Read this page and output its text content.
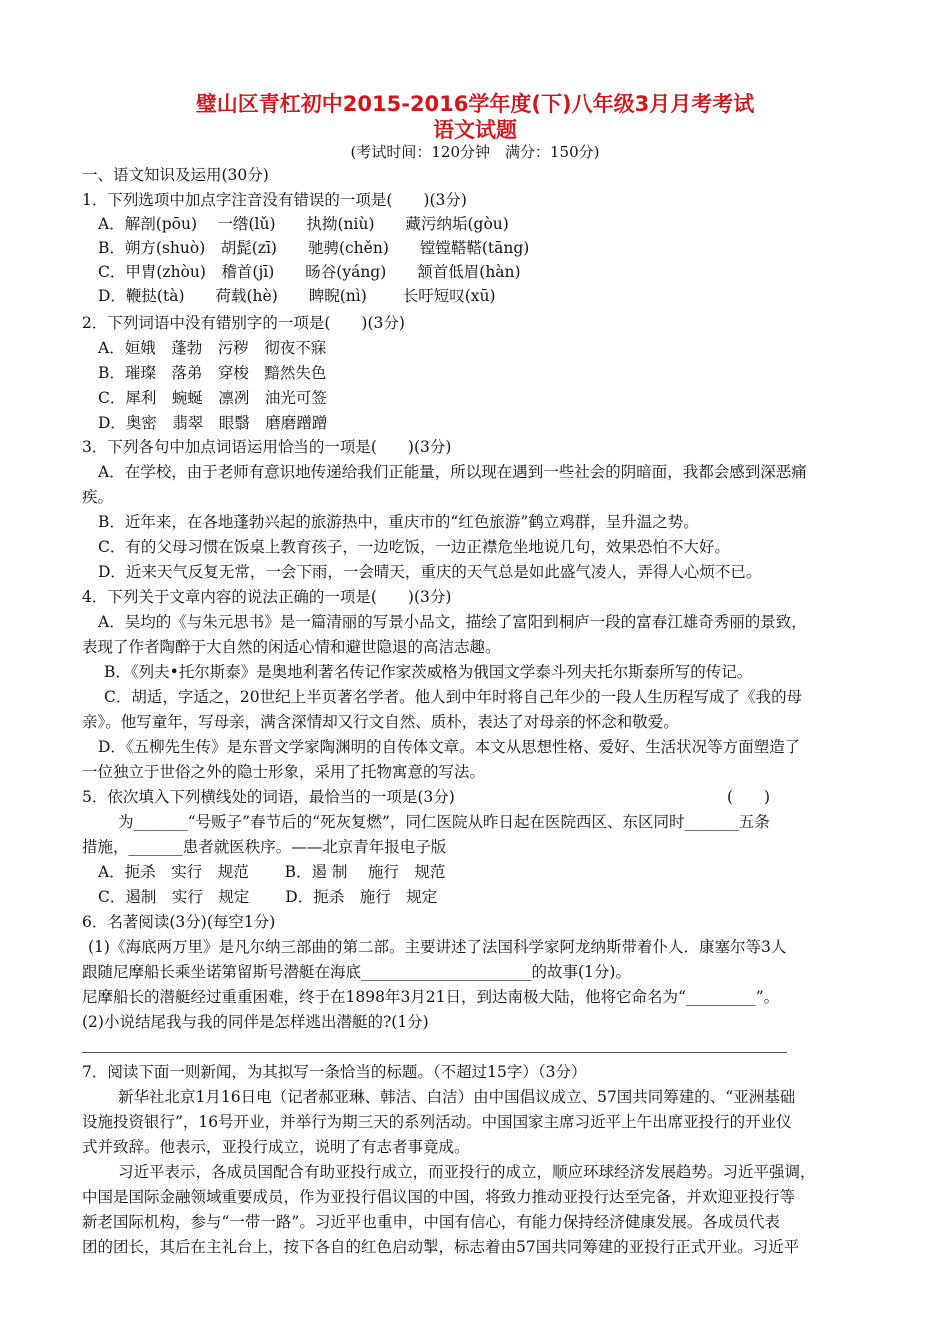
璧山区青杠初中2015-2016学年度(下)八年级3月月考考试
语文试题
(考试时间：120分钟　满分：150分)
一、语文知识及运用(30分)
1．下列选项中加点字注音没有错误的一项是(　　)(3分)
A．解剖(pōu)　 一绺(lǔ)　　执拗(niù)　　藏污纳垢(gòu)
B．朔方(shuò)　胡髭(zī)　　驰骋(chěn)　　镗镗鞳鞳(tāng)
C．甲胄(zhòu)　稽首(jī)　　旸谷(yáng)　　颔首低眉(hàn)
D．鞭挞(tà)　　荷载(hè)　　睥睨(nì)　　 长吁短叹(xū)
2．下列词语中没有错别字的一项是(　　)(3分)
A．姮娥　蓬勃　污秽　彻夜不寐
B．璀璨　落弟　穿梭　黯然失色
C．犀利　蜿蜒　凛冽　油光可签
D．奥密　翡翠　眼翳　磨磨蹭蹭
3．下列各句中加点词语运用恰当的一项是(　　)(3分)
A．在学校，由于老师有意识地传递给我们正能量，所以现在遇到一些社会的阴暗面，我都会感到深恶痛
疾。
B．近年来，在各地蓬勃兴起的旅游热中，重庆市的“红色旅游”鹤立鸡群，呈升温之势。
C．有的父母习惯在饭桌上教育孩子，一边吃饭，一边正襟危坐地说几句，效果恐怕不大好。
D．近来天气反复无常，一会下雨，一会晴天，重庆的天气总是如此盛气凌人，弄得人心烦不已。
4．下列关于文章内容的说法正确的一项是(　　)(3分)
A．吴均的《与朱元思书》是一篇清丽的写景小品文，描绘了富阳到桐庐一段的富春江雄奇秀丽的景致，
表现了作者陶醉于大自然的闲适心情和避世隐退的高洁志趣。
B．《列夫•托尔斯泰》是奥地利著名传记作家茨威格为俄国文学泰斗列夫托尔斯泰所写的传记。
C．胡适，字适之，20世纪上半页著名学者。他人到中年时将自己年少的一段人生历程写成了《我的母
亲》。他写童年，写母亲，满含深情却又行文自然、质朴，表达了对母亲的怀念和敬爱。
D．《五柳先生传》是东晋文学家陶渊明的自传体文章。本文从思想性格、爱好、生活状况等方面塑造了
一位独立于世俗之外的隐士形象，采用了托物寓意的写法。
5．依次填入下列横线处的词语，最恰当的一项是(3分)	(　　)
为_______“号贩子”春节后的“死灰复燃”，同仁医院从昨日起在医院西区、东区同时_______五条
措施，_______患者就医秩序。——北京青年报电子版
A．扼杀　实行　规范　　 B．遏 制　 施行　规范
C．遏制　实行　规定　　 D．扼杀　施行　规定
6．名著阅读(3分)(每空1分)
(1)《海底两万里》是凡尔纳三部曲的第二部。主要讲述了法国科学家阿龙纳斯带着仆人．康塞尔等3人
跟随尼摩船长乘坐诺第留斯号潜艇在海底______________________的故事(1分)。
尼摩船长的潜艇经过重重困难，终于在1898年3月21日，到达南极大陆，他将它命名为“_________”。
(2)小说结尾我与我的同伴是怎样逃出潜艇的?(1分)
7．阅读下面一则新闻，为其拟写一条恰当的标题。（不超过15字）（3分）
新华社北京1月16日电（记者郝亚琳、韩洁、白洁）由中国倡议成立、57国共同筹建的、“亚洲基础
设施投资银行”，16号开业，并举行为期三天的系列活动。中国国家主席习近平上午出席亚投行的开业仪
式并致辞。他表示，亚投行成立，说明了有志者事竟成。
习近平表示，各成员国配合有助亚投行成立，而亚投行的成立，顺应环球经济发展趋势。习近平强调，
中国是国际金融领域重要成员，作为亚投行倡议国的中国，将致力推动亚投行达至完备，并欢迎亚投行等
新老国际机构，参与“一带一路”。习近平也重申，中国有信心，有能力保持经济健康发展。各成员代表
团的团长，其后在主礼台上，按下各自的红色启动掣，标志着由57国共同筹建的亚投行正式开业。习近平
